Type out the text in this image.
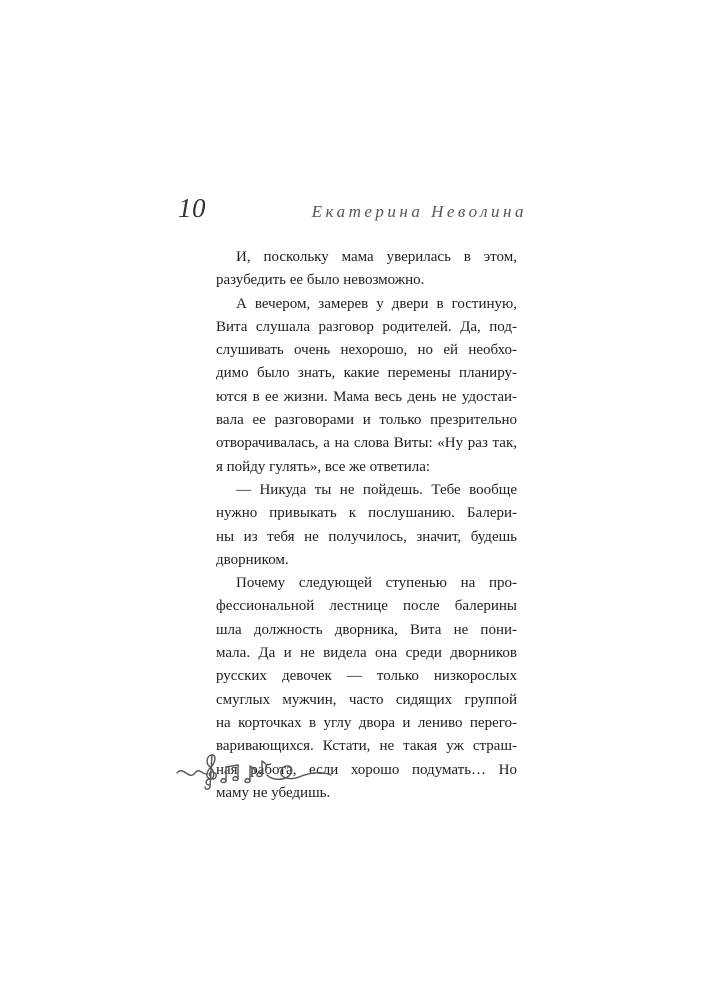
10	Екатерина Неволина
И, поскольку мама уверилась в этом,
разубедить ее было невозможно.
А вечером, замерев у двери в гостиную,
Вита слушала разговор родителей. Да, под-
слушивать очень нехорошо, но ей необхо-
димо было знать, какие перемены планиру-
ются в ее жизни. Мама весь день не удостаи-
вала ее разговорами и только презрительно
отворачивалась, а на слова Виты: «Ну раз так,
я пойду гулять», все же ответила:
— Никуда ты не пойдешь. Тебе вообще
нужно привыкать к послушанию. Балери-
ны из тебя не получилось, значит, будешь
дворником.
Почему следующей ступенью на про-
фессиональной лестнице после балерины
шла должность дворника, Вита не пони-
мала. Да и не видела она среди дворников
русских девочек — только низкорослых
смуглых мужчин, часто сидящих группой
на корточках в углу двора и лениво перего-
варивающихся. Кстати, не такая уж страш-
ная работа, если хорошо подумать… Но
маму не убедишь.
